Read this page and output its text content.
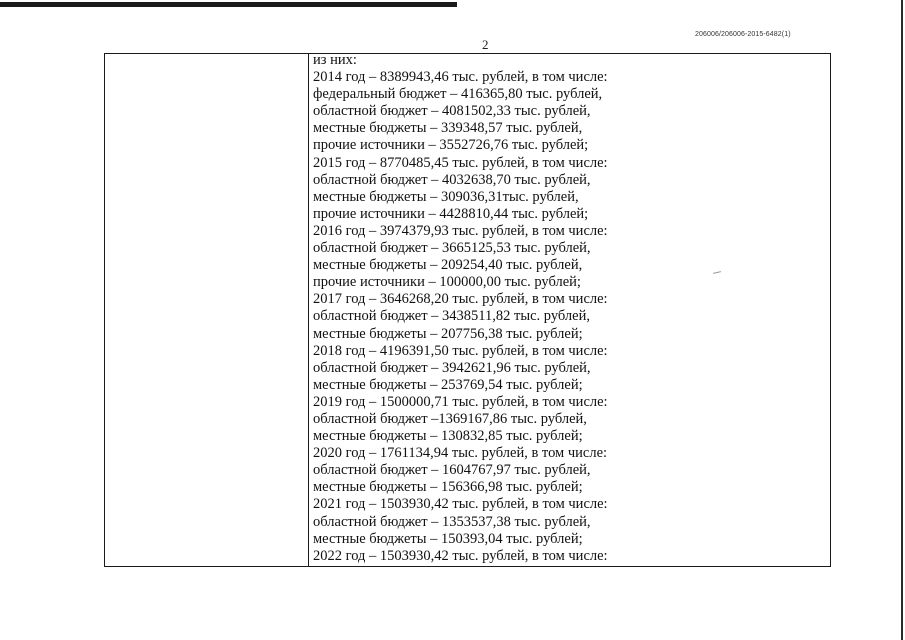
206006/206006-2015-6482(1)
2
из них:
2014 год – 8389943,46 тыс. рублей, в том числе:
федеральный бюджет – 416365,80 тыс. рублей,
областной бюджет – 4081502,33 тыс. рублей,
местные бюджеты – 339348,57 тыс. рублей,
прочие источники – 3552726,76 тыс. рублей;
2015 год – 8770485,45 тыс. рублей, в том числе:
областной бюджет – 4032638,70 тыс. рублей,
местные бюджеты – 309036,31тыс. рублей,
прочие источники – 4428810,44 тыс. рублей;
2016 год – 3974379,93 тыс. рублей, в том числе:
областной бюджет – 3665125,53 тыс. рублей,
местные бюджеты – 209254,40 тыс. рублей,
прочие источники – 100000,00 тыс. рублей;
2017 год – 3646268,20 тыс. рублей, в том числе:
областной бюджет – 3438511,82 тыс. рублей,
местные бюджеты – 207756,38 тыс. рублей;
2018 год – 4196391,50 тыс. рублей, в том числе:
областной бюджет – 3942621,96 тыс. рублей,
местные бюджеты – 253769,54 тыс. рублей;
2019 год – 1500000,71 тыс. рублей, в том числе:
областной бюджет –1369167,86 тыс. рублей,
местные бюджеты – 130832,85 тыс. рублей;
2020 год – 1761134,94 тыс. рублей, в том числе:
областной бюджет – 1604767,97 тыс. рублей,
местные бюджеты – 156366,98 тыс. рублей;
2021 год – 1503930,42 тыс. рублей, в том числе:
областной бюджет – 1353537,38 тыс. рублей,
местные бюджеты – 150393,04 тыс. рублей;
2022 год – 1503930,42 тыс. рублей, в том числе:
